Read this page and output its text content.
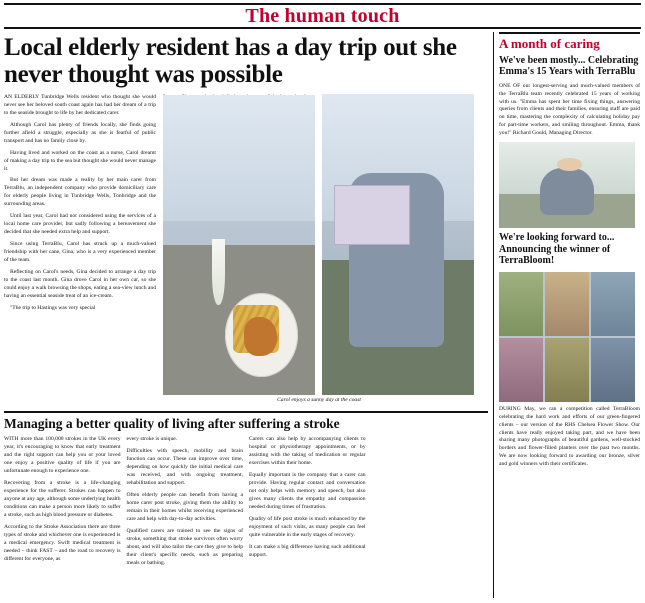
The human touch
Local elderly resident has a day trip out she never thought was possible

AN ELDERLY Tunbridge Wells resident who thought she would never see her beloved south coast again has had her dream of a trip to the seaside brought to life by her dedicated carer.

Although Carol has plenty of friends locally, she finds going further afield a struggle, especially as she is fearful of public transport and has no family close by.

Having lived and worked on the coast as a nurse, Carol dreamt of making a day trip to the sea but thought she would never manage it.

But her dream was made a reality by her main carer from TerraBlu, an independent company who provide domiciliary care for elderly people living in Tunbridge Wells, Tonbridge and the surrounding areas.

Until last year, Carol had not considered using the services of a local home care provider, but sadly following a bereavement she decided that she needed extra help and support.

Since using TerraBlu, Carol has struck up a much-valued friendship with her cane, Gina, who is a very experienced member of the team.

Reflecting on Carol's needs, Gina decided to arrange a day trip to the coast last month. Gina drove Carol in her own car, so she could enjoy a walk browsing the shops, eating a sea-view lunch and having an essential seaside treat of an ice-cream.

"The trip to Hastings was very special

Carol enjoys a sunny day at the coast
Managing a better quality of living after suffering a stroke

WITH more than 100,000 strokes in the UK every year, it's encouraging to know that early treatment and the right support can help you or your loved one enjoy a positive quality of life if you are unfortunate enough to experience one.

Recovering from a stroke is a life-changing experience for the sufferer. Strokes can happen to anyone at any age, although some underlying health conditions can make a person more likely to suffer a stroke, such as high blood pressure or diabetes.

According to the Stroke Association there are three types of stroke and whichever one is experienced is a medical emergency. Swift medical treatment is needed – think FAST – and the road to recovery is different for everyone, as

every stroke is unique.

Difficulties with speech, mobility and brain function can occur. These can improve over time, depending on how quickly the initial medical care was received, and with ongoing treatment, rehabilitation and support.

Often elderly people can benefit from having a home carer post stroke, giving them the ability to remain in their homes whilst receiving experienced care and help with day-to-day activities.

Qualified carers are trained to see the signs of stroke, something that stroke survivors often worry about, and will also tailor the care they give to help their client's specific needs, such as preparing meals or bathing.

Carers can also help by accompanying clients to hospital or physiotherapy appointments, or by assisting with the taking of medication or regular exercises within their home.

Equally important is the company that a carer can provide. Having regular contact and conversation not only helps with memory and speech, but also gives many clients the empathy and compassion needed during times of frustration.

Quality of life post stroke is much enhanced by the enjoyment of such visits, as many people can feel quite vulnerable in the early stages of recovery.

It can make a big difference having such additional support.

A month of caring
We've been mostly... Celebrating Emma's 15 Years with TerraBlu

ONE OF our longest-serving and much-valued members of the TerraBlu team recently celebrated 15 years of working with us. "Emma has spent her time fixing things, answering queries from clients and their families, ensuring staff are paid on time, mastering the complexity of calculating holiday pay for part-time workers, and smiling throughout. Emma, thank you!" Richard Gould, Managing Director.

We're looking forward to... Announcing the winner of TerraBloom!

DURING May, we ran a competition called TerraBloom celebrating the hard work and efforts of our green-fingered clients – our version of the RHS Chelsea Flower Show. Our clients have really enjoyed taking part, and we have been sharing many photographs of beautiful gardens, well-stocked borders and flower-filled planters over the past two months. We are now looking forward to awarding our bronze, silver and gold winners with their certificates.
